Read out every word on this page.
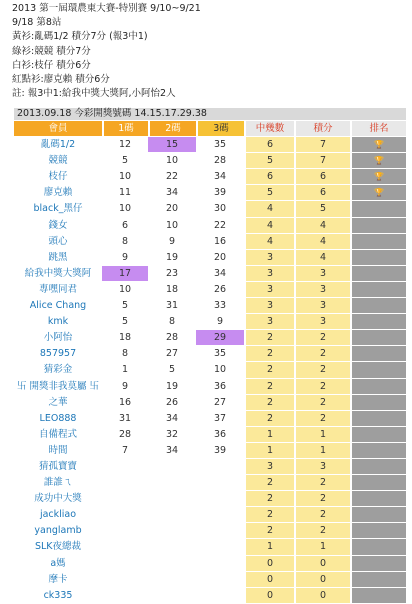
2013 第一屆環農東大賽-特別賽 9/10~9/21
9/18 第8站
黃衫:亂碼1/2 積分7分 (報3中1)
綠衫:競競 積分7分
白衫:枝仔 積分6分
紅點衫:廖克賴 積分6分
註: 報3中1:給我中獎大獎阿,小阿怡2人
2013.09.18 今彩開獎號碼 14.15.17.29.38
會員	1碼	2碼	3碼	中幾數	積分	排名
亂碼1/2	12	15	35	6	7	🏆
競競	5	10	28	5	7	🏆
枝仔	10	22	34	6	6	🏆
廖克賴	11	34	39	5	6	🏆
black_黑仔	10	20	30	4	5	
錢女	6	10	22	4	4	
頭心	8	9	16	4	4	
跳黑	9	19	20	3	4	
給我中獎大獎阿	17	23	34	3	3	
專嘿同君	10	18	26	3	3	
Alice Chang	5	31	33	3	3	
kmk	5	8	9	3	3	
小阿怡	18	28	29	2	2	
857957	8	27	35	2	2	
猜彩金	1	5	10	2	2	
卐 開獎非我莫屬 卐	9	19	36	2	2	
之華	16	26	27	2	2	
LEO888	31	34	37	2	2	
自備程式	28	32	36	1	1	
時間	7	34	39	1	1	
猜孤寶寶				3	3	
誰誰ㄟ				2	2	
成功中大獎				2	2	
jackliao				2	2	
yanglamb				2	2	
SLK夜總裁				1	1	
a媽				0	0	
摩卡				0	0	
ck335				0	0	
